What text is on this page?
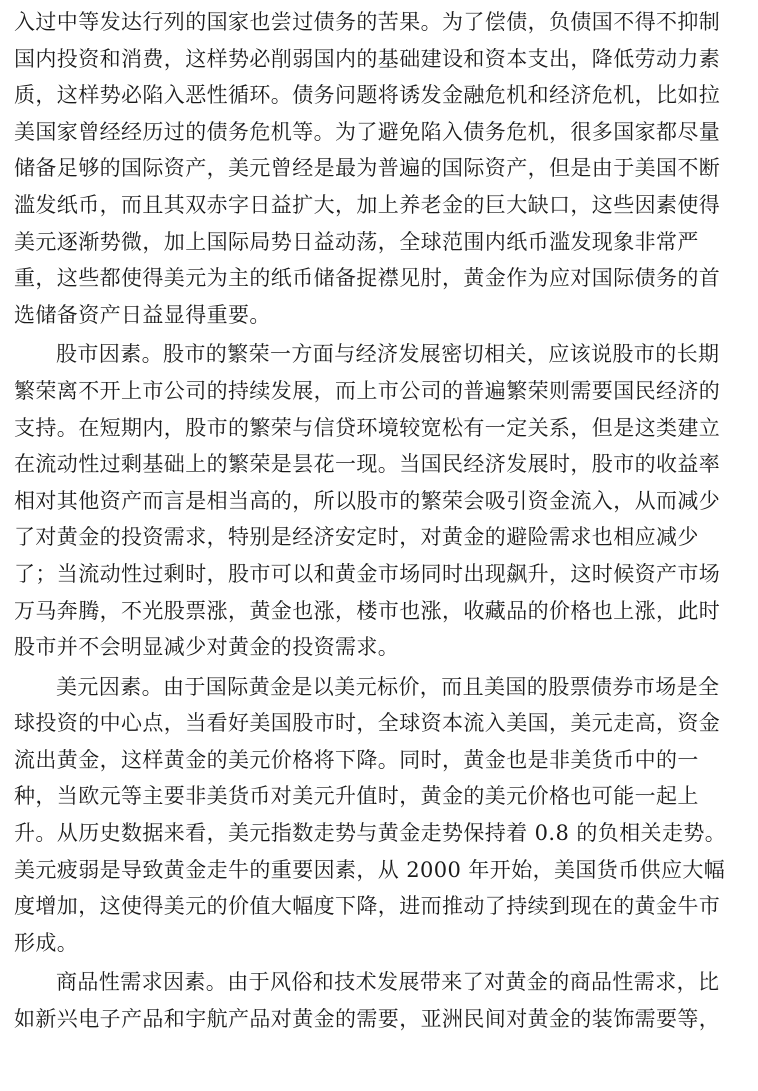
入过中等发达行列的国家也尝过债务的苦果。为了偿债，负债国不得不抑制
国内投资和消费，这样势必削弱国内的基础建设和资本支出，降低劳动力素
质，这样势必陷入恶性循环。债务问题将诱发金融危机和经济危机，比如拉
美国家曾经经历过的债务危机等。为了避免陷入债务危机，很多国家都尽量
储备足够的国际资产，美元曾经是最为普遍的国际资产，但是由于美国不断
滥发纸币，而且其双赤字日益扩大，加上养老金的巨大缺口，这些因素使得
美元逐渐势微，加上国际局势日益动荡，全球范围内纸币滥发现象非常严
重，这些都使得美元为主的纸币储备捉襟见肘，黄金作为应对国际债务的首
选储备资产日益显得重要。
股市因素。股市的繁荣一方面与经济发展密切相关，应该说股市的长期
繁荣离不开上市公司的持续发展，而上市公司的普遍繁荣则需要国民经济的
支持。在短期内，股市的繁荣与信贷环境较宽松有一定关系，但是这类建立
在流动性过剩基础上的繁荣是昙花一现。当国民经济发展时，股市的收益率
相对其他资产而言是相当高的，所以股市的繁荣会吸引资金流入，从而减少
了对黄金的投资需求，特别是经济安定时，对黄金的避险需求也相应减少
了；当流动性过剩时，股市可以和黄金市场同时出现飙升，这时候资产市场
万马奔腾，不光股票涨，黄金也涨，楼市也涨，收藏品的价格也上涨，此时
股市并不会明显减少对黄金的投资需求。
美元因素。由于国际黄金是以美元标价，而且美国的股票债券市场是全
球投资的中心点，当看好美国股市时，全球资本流入美国，美元走高，资金
流出黄金，这样黄金的美元价格将下降。同时，黄金也是非美货币中的一
种，当欧元等主要非美货币对美元升值时，黄金的美元价格也可能一起上
升。从历史数据来看，美元指数走势与黄金走势保持着 0.8 的负相关走势。
美元疲弱是导致黄金走牛的重要因素，从 2000 年开始，美国货币供应大幅
度增加，这使得美元的价值大幅度下降，进而推动了持续到现在的黄金牛市
形成。
商品性需求因素。由于风俗和技术发展带来了对黄金的商品性需求，比
如新兴电子产品和宇航产品对黄金的需要，亚洲民间对黄金的装饰需要等，
